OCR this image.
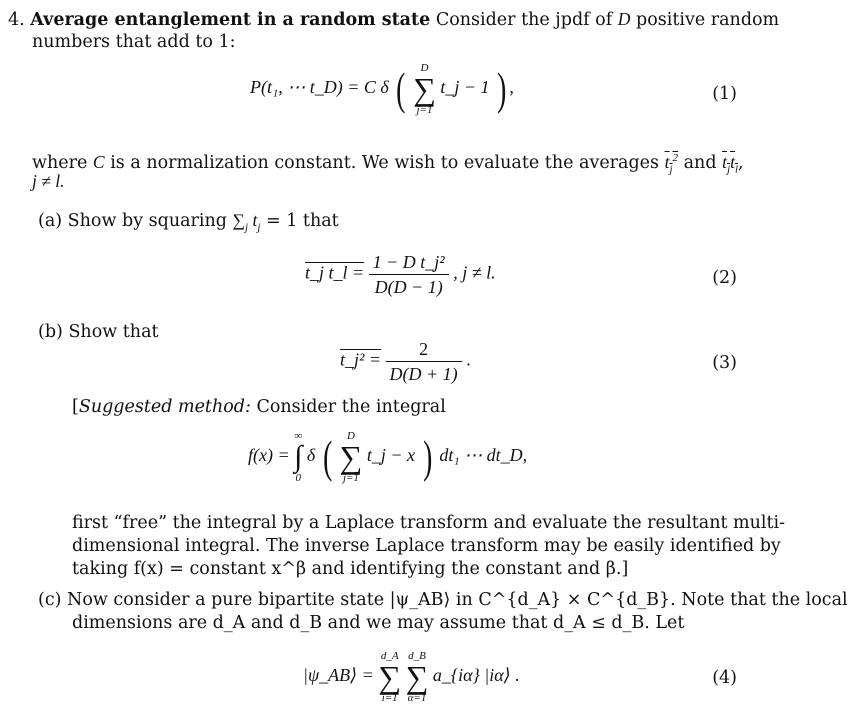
4. Average entanglement in a random state Consider the jpdf of D positive random
numbers that add to 1:
P(t₁, ⋯ t_D) = C δ (	D
∑
j=1
t_j − 1 ) ,	(1)
where C is a normalization constant. We wish to evaluate the averages $t_j^2$ and $t_jt_l$,
j ≠ l.
(a) Show by squaring $\sum_j$ $t_j = 1$ that
t_j t_l = $\frac{\text{1 − D t\_j²}}{D(D - 1)}$ , j ≠ l.	(2)
(b) Show that
t_j² = $\frac{2}{D(D + 1)}$ .	(3)
[Suggested method: Consider the integral
f(x) =
∞
∫
0
δ (	D
∑
j=1
t_j − x ) dt₁ ⋯ dt_D,
first “free” the integral by a Laplace transform and evaluate the resultant multi-
dimensional integral. The inverse Laplace transform may be easily identified by
taking f(x) = constant x^β and identifying the constant and β.]
(c) Now consider a pure bipartite state |ψ_AB⟩ in C^{d_A} × C^{d_B}. Note that the local
dimensions are d_A and d_B and we may assume that d_A ≤ d_B. Let
|ψ_AB⟩ =
d_A
∑
i=1

d_B
∑
α=1
a_{iα} |iα⟩ .	(4)
